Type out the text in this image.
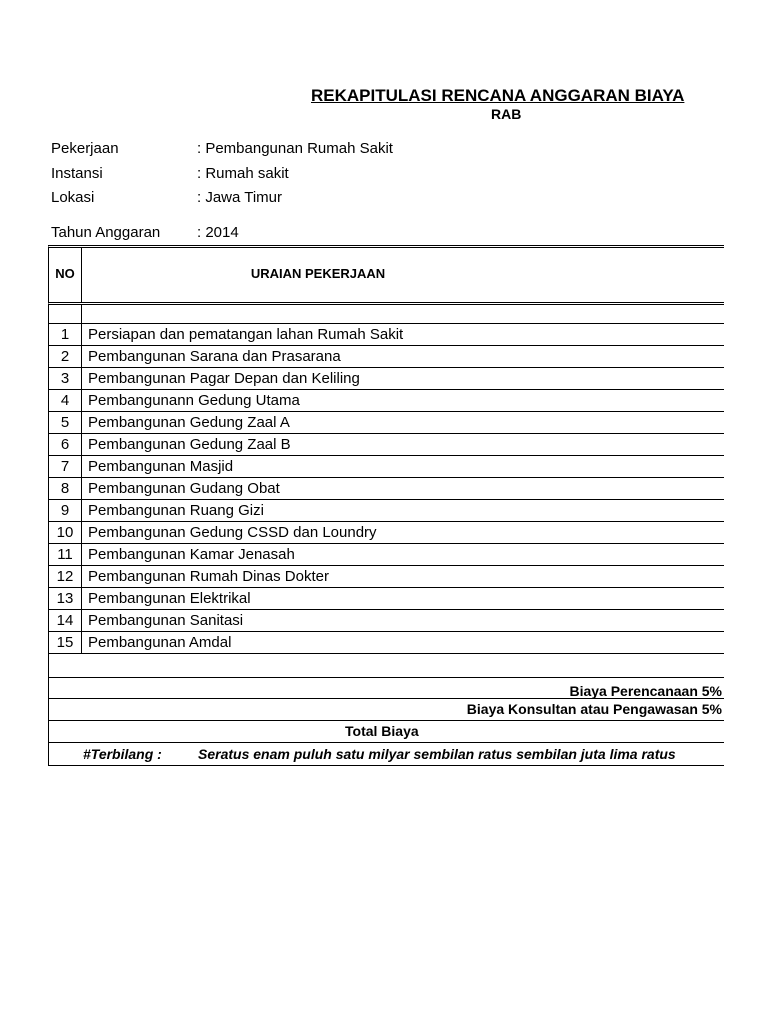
REKAPITULASI RENCANA ANGGARAN BIAYA
RAB
Pekerjaan	: Pembangunan Rumah Sakit
Instansi	: Rumah sakit
Lokasi	: Jawa Timur
Tahun Anggaran : 2014
NO	URAIAN PEKERJAAN
1	Persiapan dan pematangan lahan Rumah Sakit
2	Pembangunan Sarana dan Prasarana
3	Pembangunan Pagar Depan dan Keliling
4	Pembangunann Gedung Utama
5	Pembangunan Gedung Zaal A
6	Pembangunan Gedung Zaal B
7	Pembangunan Masjid
8	Pembangunan Gudang Obat
9	Pembangunan Ruang Gizi
10 Pembangunan Gedung CSSD dan Loundry
11	Pembangunan Kamar Jenasah
12 Pembangunan Rumah Dinas Dokter
13 Pembangunan Elektrikal
14 Pembangunan Sanitasi
15 Pembangunan Amdal
Biaya Perencanaan 5%
Biaya Konsultan atau Pengawasan 5%
Total Biaya
#Terbilang :	Seratus enam puluh satu milyar sembilan ratus sembilan juta lima ratus
